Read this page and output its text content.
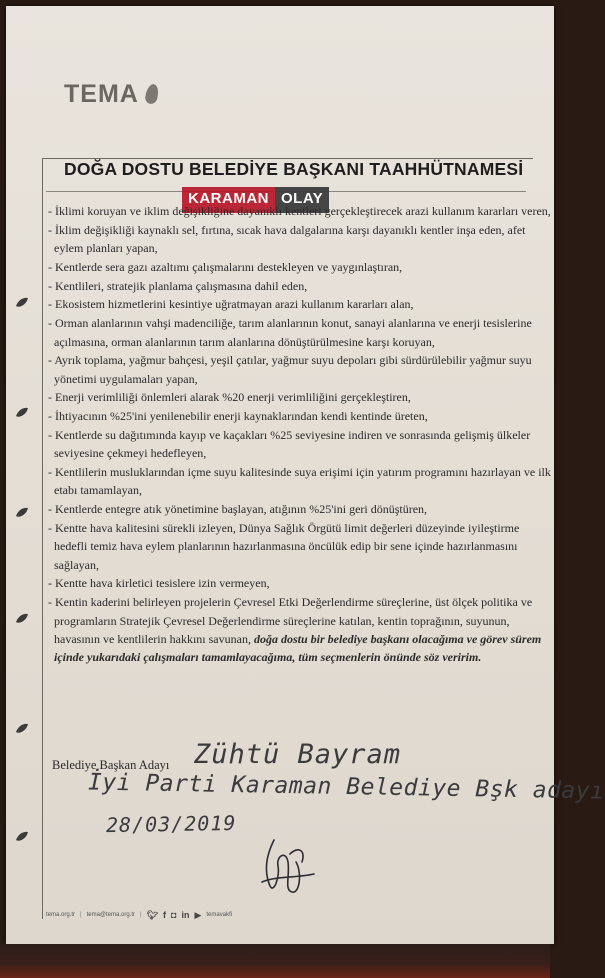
TEMA
DOĞA DOSTU BELEDİYE BAŞKANI TAAHHÜTNAMESİ
KARAMAN OLAY
- İklimi koruyan ve iklim değişikliğine dayanıklı kentleri gerçekleştirecek arazi kullanım kararları veren,
- İklim değişikliği kaynaklı sel, fırtına, sıcak hava dalgalarına karşı dayanıklı kentler inşa eden, afet eylem planları yapan,
- Kentlerde sera gazı azaltımı çalışmalarını destekleyen ve yaygınlaştıran,
- Kentlileri, stratejik planlama çalışmasına dahil eden,
- Ekosistem hizmetlerini kesintiye uğratmayan arazi kullanım kararları alan,
- Orman alanlarının vahşi madenciliğe, tarım alanlarının konut, sanayi alanlarına ve enerji tesislerine açılmasına, orman alanlarının tarım alanlarına dönüştürülmesine karşı koruyan,
- Ayrık toplama, yağmur bahçesi, yeşil çatılar, yağmur suyu depoları gibi sürdürülebilir yağmur suyu yönetimi uygulamaları yapan,
- Enerji verimliliği önlemleri alarak %20 enerji verimliliğini gerçekleştiren,
- İhtiyacının %25'ini yenilenebilir enerji kaynaklarından kendi kentinde üreten,
- Kentlerde su dağıtımında kayıp ve kaçakları %25 seviyesine indiren ve sonrasında gelişmiş ülkeler seviyesine çekmeyi hedefleyen,
- Kentlilerin musluklarından içme suyu kalitesinde suya erişimi için yatırım programını hazırlayan ve ilk etabı tamamlayan,
- Kentlerde entegre atık yönetimine başlayan, atığının %25'ini geri dönüştüren,
- Kentte hava kalitesini sürekli izleyen, Dünya Sağlık Örgütü limit değerleri düzeyinde iyileştirme hedefli temiz hava eylem planlarının hazırlanmasına öncülük edip bir sene içinde hazırlanmasını sağlayan,
- Kentte hava kirletici tesislere izin vermeyen,
- Kentin kaderini belirleyen projelerin Çevresel Etki Değerlendirme süreçlerine, üst ölçek politika ve programların Stratejik Çevresel Değerlendirme süreçlerine katılan, kentin toprağının, suyunun, havasının ve kentlilerin hakkını savunan, doğa dostu bir belediye başkanı olacağıma ve görev sürem içinde yukarıdaki çalışmaları tamamlayacağıma, tüm seçmenlerin önünde söz veririm.
Belediye Başkan Adayı Zühtü Bayram
İyi Parti Karaman Belediye Bşk adayı
28/03/2019
tema.org.tr | tema@tema.org.tr | 🐦︎ f ◘ in ▶ temavakfi
